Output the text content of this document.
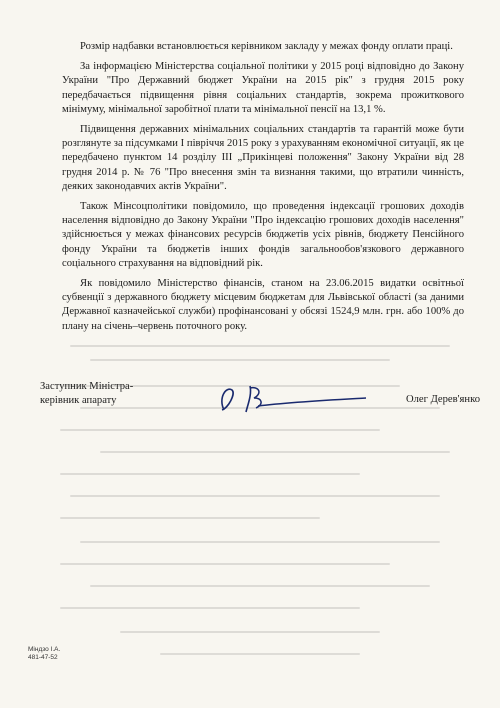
Розмір надбавки встановлюється керівником закладу у межах фонду оплати праці.

За інформацією Міністерства соціальної політики у 2015 році відповідно до Закону України "Про Державний бюджет України на 2015 рік" з грудня 2015 року передбачається підвищення рівня соціальних стандартів, зокрема прожиткового мінімуму, мінімальної заробітної плати та мінімальної пенсії на 13,1 %.

Підвищення державних мінімальних соціальних стандартів та гарантій може бути розглянуте за підсумками I півріччя 2015 року з урахуванням економічної ситуації, як це передбачено пунктом 14 розділу ІІІ „Прикінцеві положення" Закону України від 28 грудня 2014 р. № 76 "Про внесення змін та визнання такими, що втратили чинність, деяких законодавчих актів України".

Також Мінсоцполітики повідомило, що проведення індексації грошових доходів населення відповідно до Закону України "Про індексацію грошових доходів населення" здійснюється у межах фінансових ресурсів бюджетів усіх рівнів, бюджету Пенсійного фонду України та бюджетів інших фондів загальнообов'язкового державного соціального страхування на відповідний рік.

Як повідомило Міністерство фінансів, станом на 23.06.2015 видатки освітньої субвенції з державного бюджету місцевим бюджетам для Львівської області (за даними Державної казначейської служби) профінансовані у обсязі 1524,9 млн. грн. або 100% до плану на січень–червень поточного року.

Заступник Міністра-
керівник апарату	Олег Дерев'янко
Міндзо І.А.
481-47-52
